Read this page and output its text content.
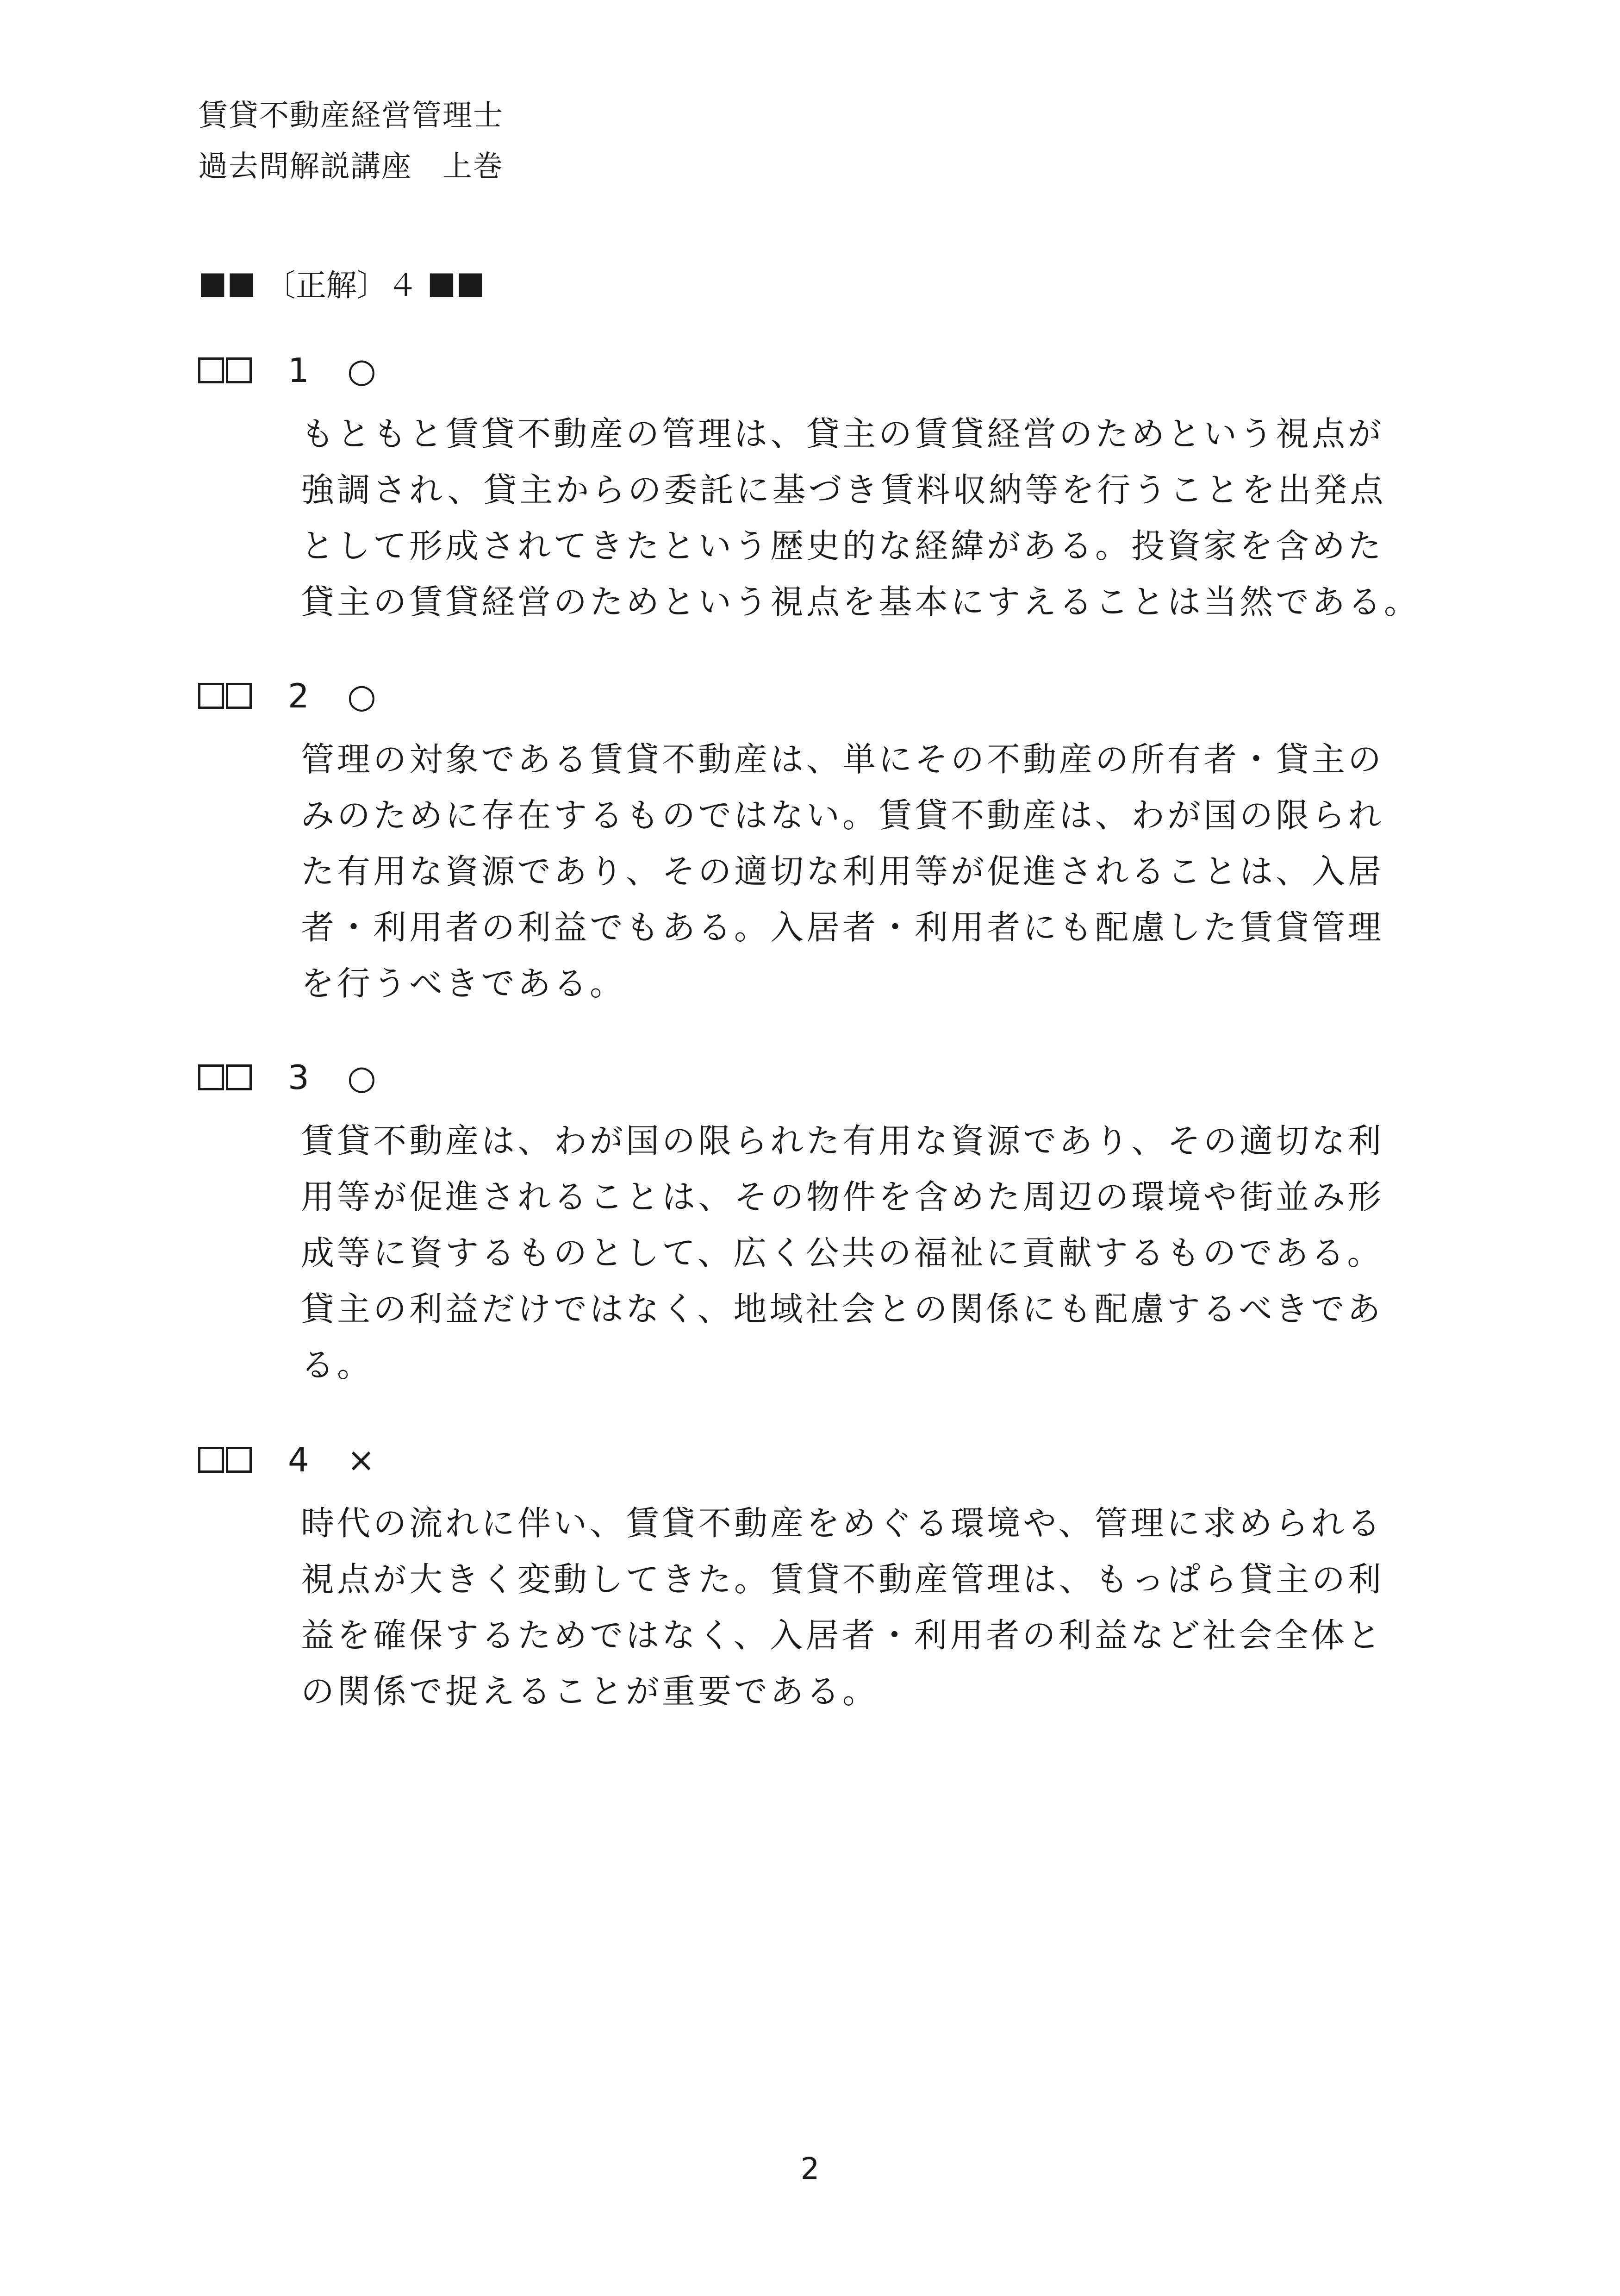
賃貸不動産経営管理士
過去問解説講座　上巻
■■ 〔正解〕４ ■■
1 ○
もともと賃貸不動産の管理は、貸主の賃貸経営のためという視点が
強調され、貸主からの委託に基づき賃料収納等を行うことを出発点
として形成されてきたという歴史的な経緯がある。投資家を含めた
貸主の賃貸経営のためという視点を基本にすえることは当然である。
2 ○
管理の対象である賃貸不動産は、単にその不動産の所有者・貸主の
みのために存在するものではない。賃貸不動産は、わが国の限られ
た有用な資源であり、その適切な利用等が促進されることは、入居
者・利用者の利益でもある。入居者・利用者にも配慮した賃貸管理
を行うべきである。
3 ○
賃貸不動産は、わが国の限られた有用な資源であり、その適切な利
用等が促進されることは、その物件を含めた周辺の環境や街並み形
成等に資するものとして、広く公共の福祉に貢献するものである。
貸主の利益だけではなく、地域社会との関係にも配慮するべきであ
る。
4 ×
時代の流れに伴い、賃貸不動産をめぐる環境や、管理に求められる
視点が大きく変動してきた。賃貸不動産管理は、もっぱら貸主の利
益を確保するためではなく、入居者・利用者の利益など社会全体と
の関係で捉えることが重要である。
2
